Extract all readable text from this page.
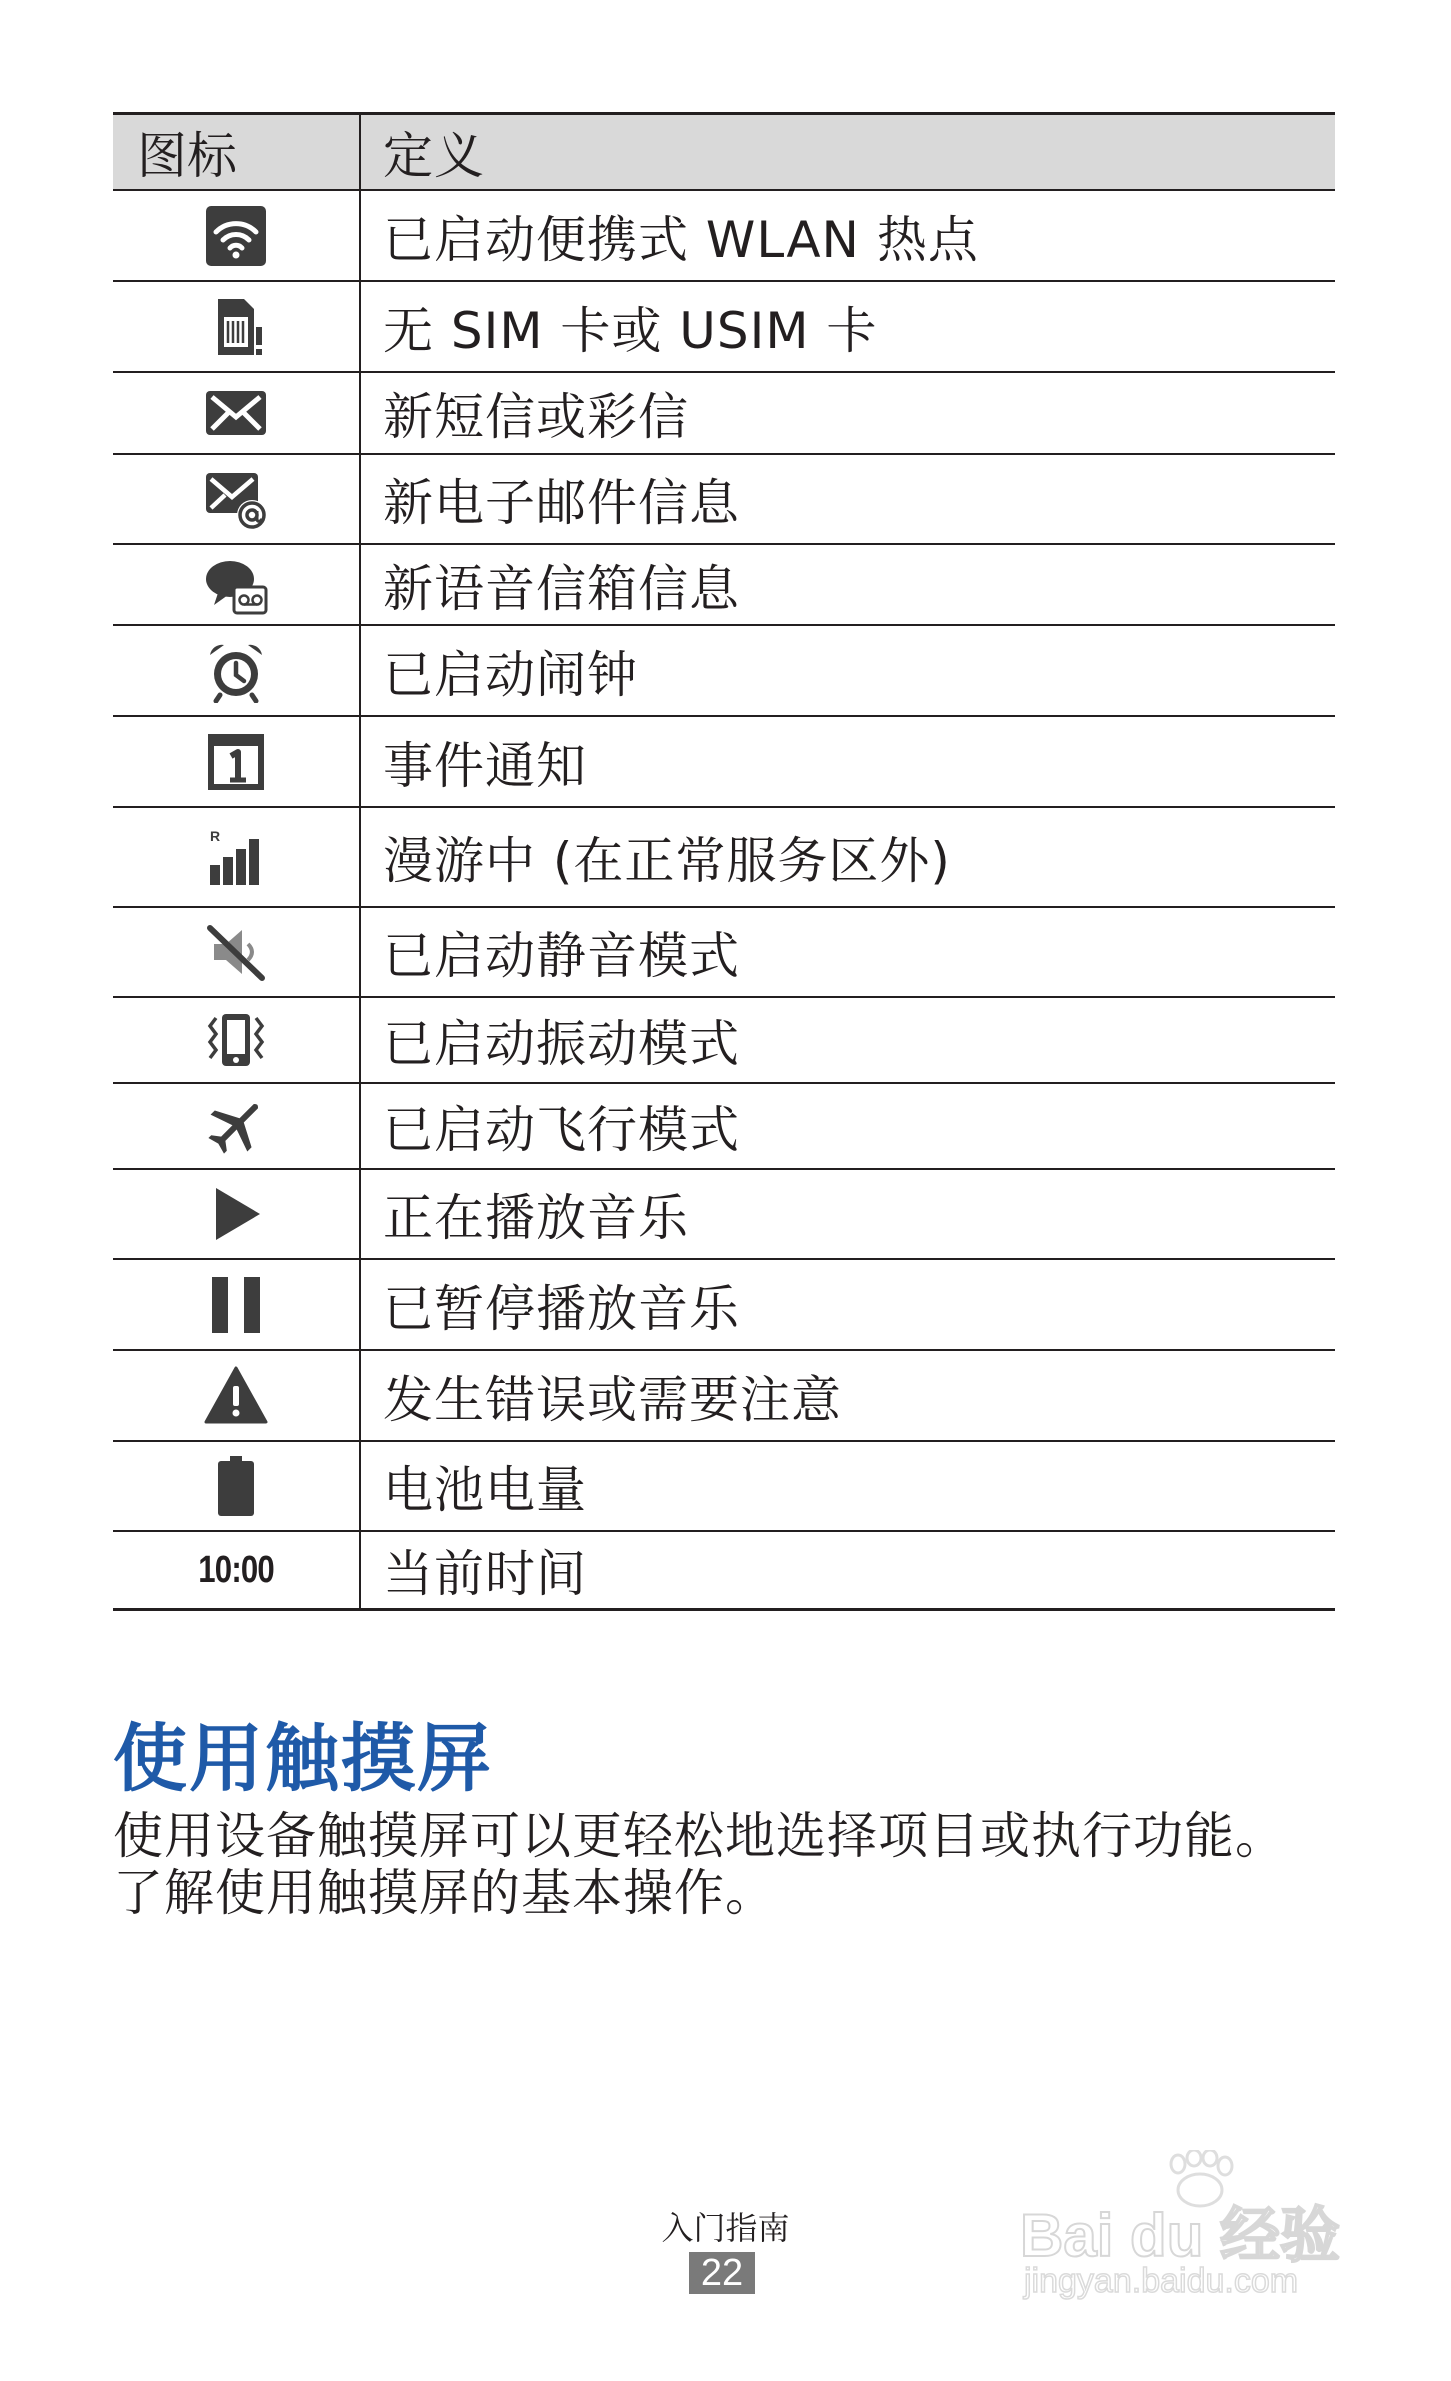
图标	定义
已启动便携式 WLAN 热点
无 SIM 卡或 USIM 卡
新短信或彩信
新电子邮件信息
新语音信箱信息
已启动闹钟
事件通知
R	漫游中 (在正常服务区外)
已启动静音模式
已启动振动模式
已启动飞行模式
正在播放音乐
已暂停播放音乐
发生错误或需要注意
电池电量
10:00	当前时间
使用触摸屏

使用设备触摸屏可以更轻松地选择项目或执行功能。

了解使用触摸屏的基本操作。

入门指南
22
Bai du 经验
jingyan.baidu.com
